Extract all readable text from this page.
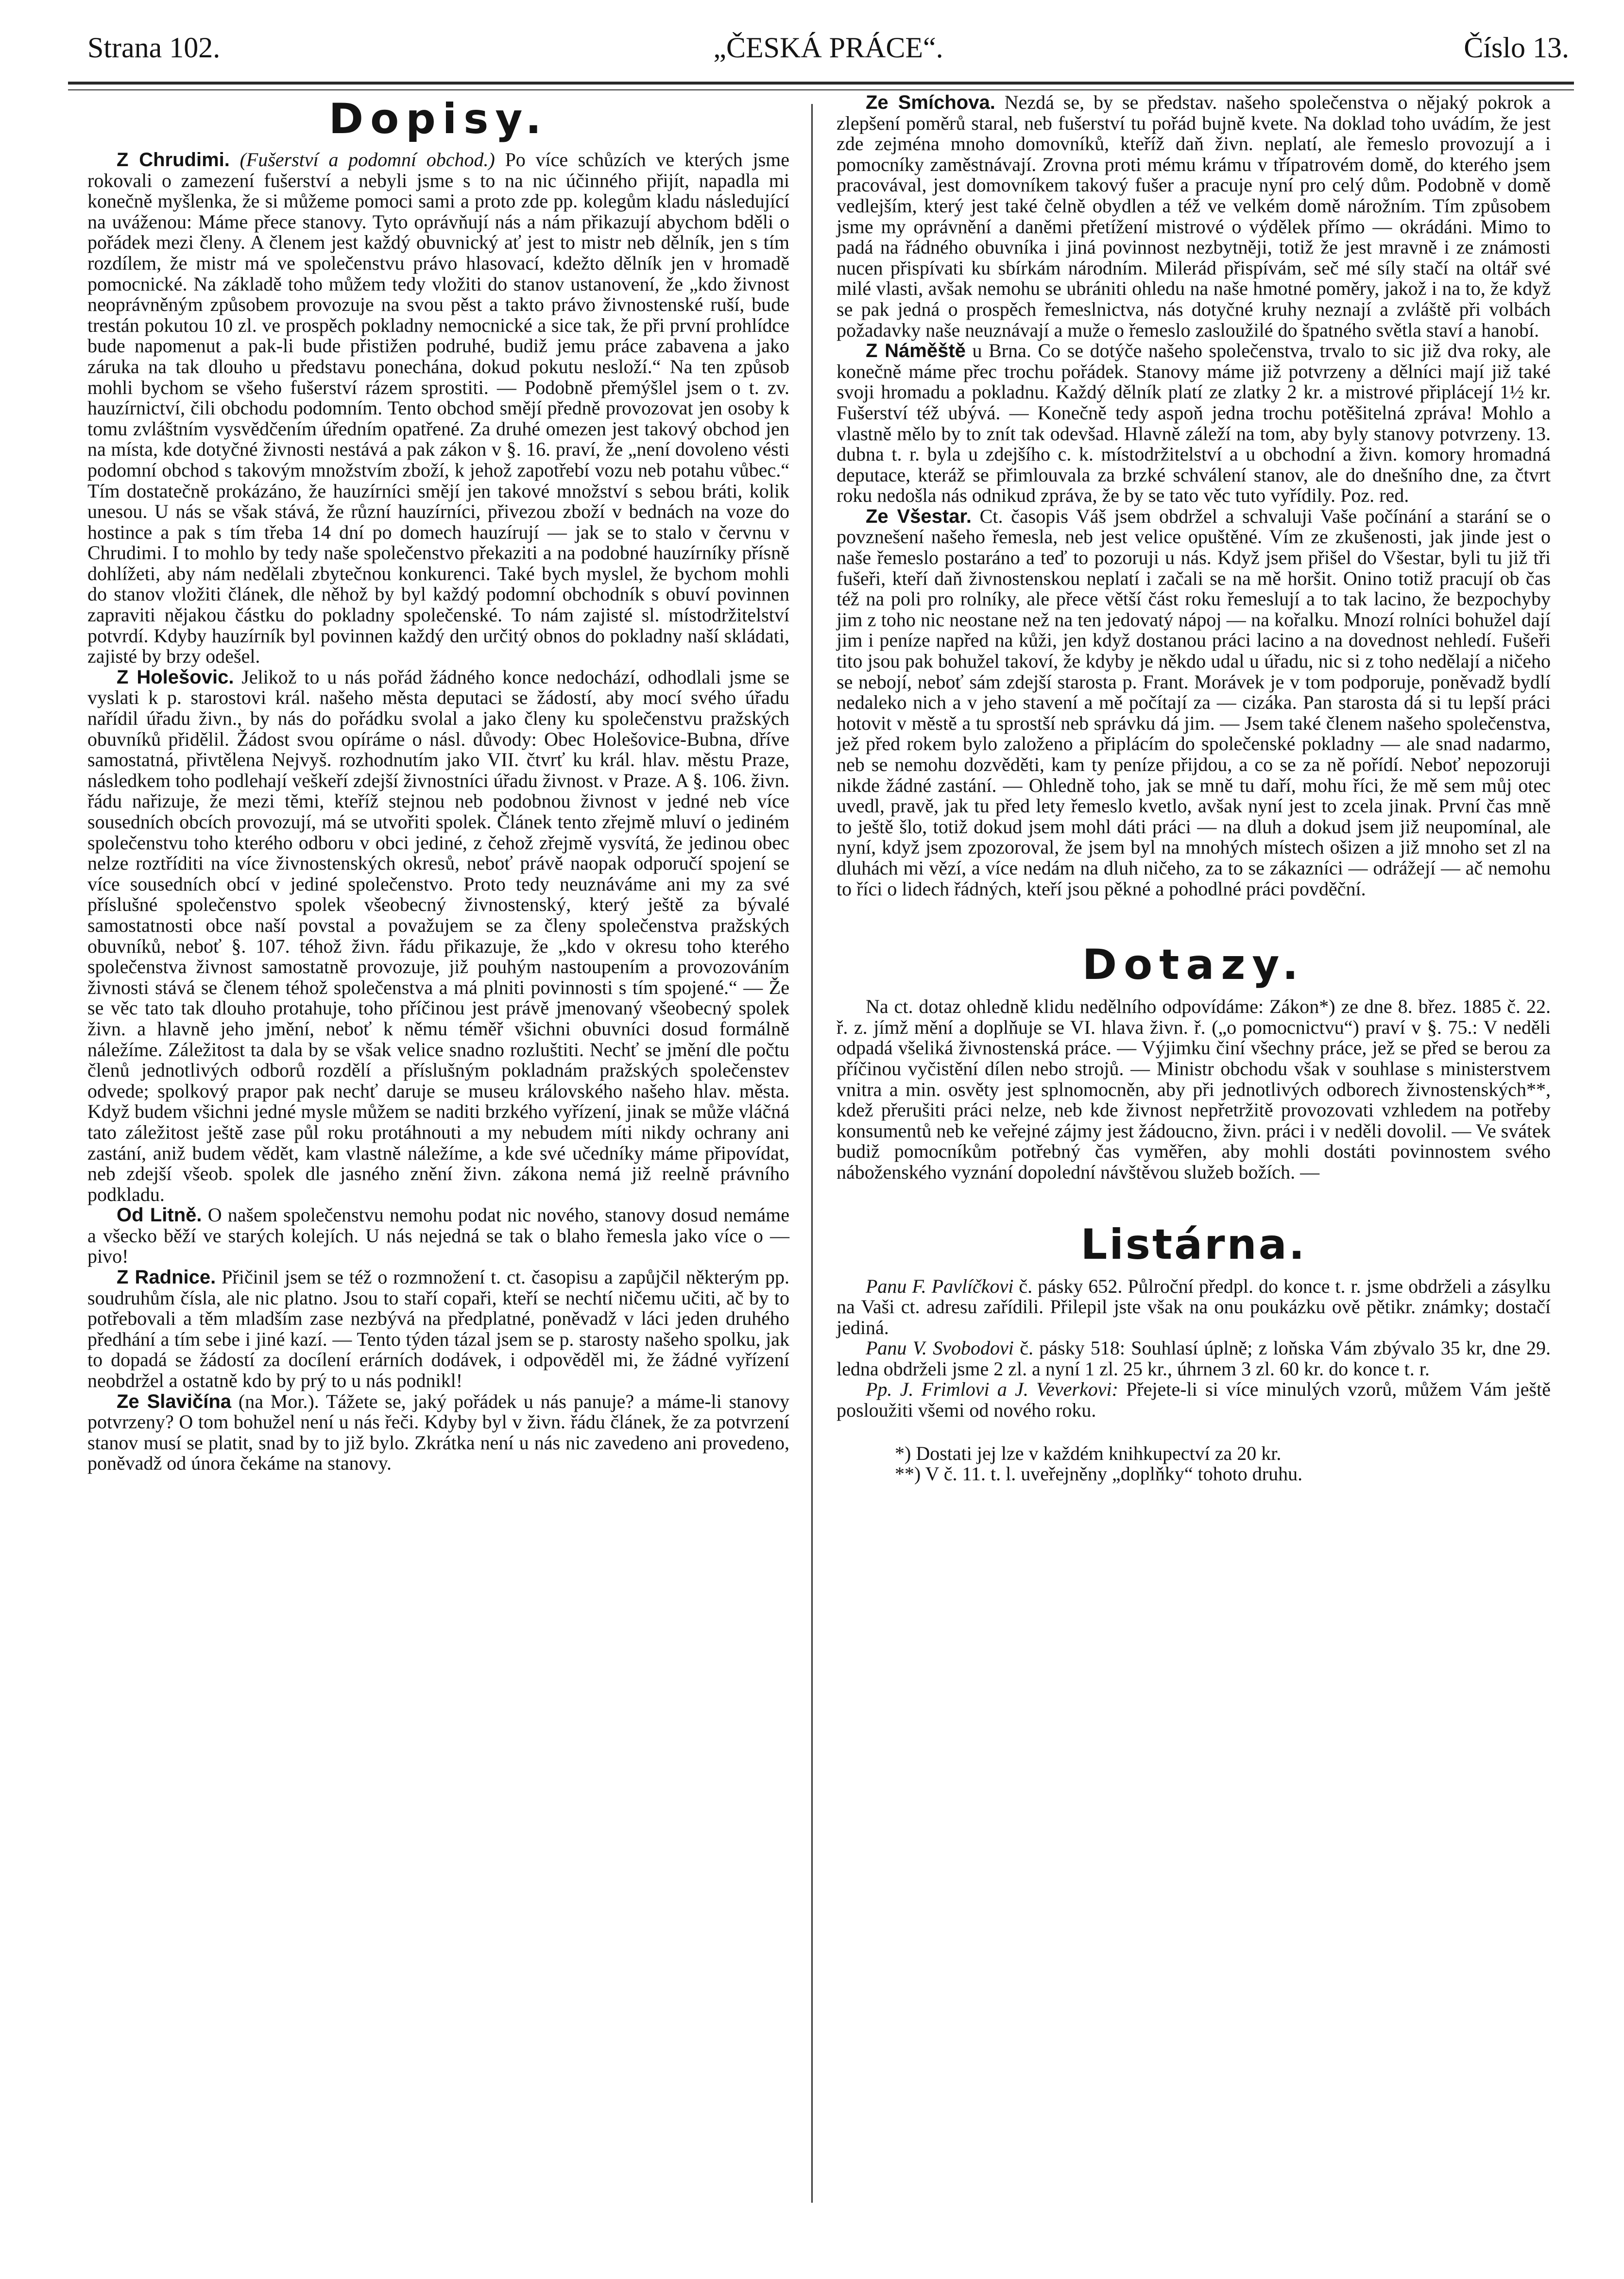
Strana 102.	„ČESKÁ PRÁCE“.	Číslo 13.
Dopisy.

Z Chrudimi. (Fušerství a podomní obchod.) Po více schůzích ve kterých jsme rokovali o zamezení fušerství a nebyli jsme s to na nic účinného přijít, napadla mi konečně myšlenka, že si můžeme pomoci sami a proto zde pp. kolegům kladu následující na uváženou: Máme přece stanovy. Tyto oprávňují nás a nám přikazují abychom bděli o pořádek mezi členy. A členem jest každý obuvnický ať jest to mistr neb dělník, jen s tím rozdílem, že mistr má ve společenstvu právo hlasovací, kdežto dělník jen v hromadě pomocnické. Na základě toho můžem tedy vložiti do stanov ustanovení, že „kdo živnost neoprávněným způsobem provozuje na svou pěst a takto právo živnostenské ruší, bude trestán pokutou 10 zl. ve prospěch pokladny nemocnické a sice tak, že při první prohlídce bude napomenut a pak-li bude přistižen podruhé, budiž jemu práce zabavena a jako záruka na tak dlouho u představu ponechána, dokud pokutu nesloží.“ Na ten způsob mohli bychom se všeho fušerství rázem sprostiti. — Podobně přemýšlel jsem o t. zv. hauzírnictví, čili obchodu podomním. Tento obchod smějí předně provozovat jen osoby k tomu zvláštním vysvědčením úředním opatřené. Za druhé omezen jest takový obchod jen na místa, kde dotyčné živnosti nestává a pak zákon v §. 16. praví, že „není dovoleno vésti podomní obchod s takovým množstvím zboží, k jehož zapotřebí vozu neb potahu vůbec.“ Tím dostatečně prokázáno, že hauzírníci smějí jen takové množství s sebou bráti, kolik unesou. U nás se však stává, že různí hauzírníci, přivezou zboží v bednách na voze do hostince a pak s tím třeba 14 dní po domech hauzírují — jak se to stalo v červnu v Chrudimi. I to mohlo by tedy naše společenstvo překaziti a na podobné hauzírníky přísně dohlížeti, aby nám nedělali zbytečnou konkurenci. Také bych myslel, že bychom mohli do stanov vložiti článek, dle něhož by byl každý podomní obchodník s obuví povinnen zapraviti nějakou částku do pokladny společenské. To nám zajisté sl. místodržitelství potvrdí. Kdyby hauzírník byl povinnen každý den určitý obnos do pokladny naší skládati, zajisté by brzy odešel.

Z Holešovic. Jelikož to u nás pořád žádného konce nedochází, odhodlali jsme se vyslati k p. starostovi král. našeho města deputaci se žádostí, aby mocí svého úřadu nařídil úřadu živn., by nás do pořádku svolal a jako členy ku společenstvu pražských obuvníků přidělil. Žádost svou opíráme o násl. důvody: Obec Holešovice-Bubna, dříve samostatná, přivtělena Nejvyš. rozhodnutím jako VII. čtvrť ku král. hlav. městu Praze, následkem toho podlehají veškeří zdejší živnostníci úřadu živnost. v Praze. A §. 106. živn. řádu nařizuje, že mezi těmi, kteříž stejnou neb podobnou živnost v jedné neb více sousedních obcích provozují, má se utvořiti spolek. Článek tento zřejmě mluví o jediném společenstvu toho kterého odboru v obci jediné, z čehož zřejmě vysvítá, že jedinou obec nelze roztříditi na více živnostenských okresů, neboť právě naopak odporučí spojení se více sousedních obcí v jediné společenstvo. Proto tedy neuznáváme ani my za své příslušné společenstvo spolek všeobecný živnostenský, který ještě za bývalé samostatnosti obce naší povstal a považujem se za členy společenstva pražských obuvníků, neboť §. 107. téhož živn. řádu přikazuje, že „kdo v okresu toho kterého společenstva živnost samostatně provozuje, již pouhým nastoupením a provozováním živnosti stává se členem téhož společenstva a má plniti povinnosti s tím spojené.“ — Že se věc tato tak dlouho protahuje, toho příčinou jest právě jmenovaný všeobecný spolek živn. a hlavně jeho jmění, neboť k němu téměř všichni obuvníci dosud formálně náležíme. Záležitost ta dala by se však velice snadno rozluštiti. Nechť se jmění dle počtu členů jednotlivých odborů rozdělí a příslušným pokladnám pražských společenstev odvede; spolkový prapor pak nechť daruje se museu královského našeho hlav. města. Když budem všichni jedné mysle můžem se naditi brzkého vyřízení, jinak se může vláčná tato záležitost ještě zase půl roku protáhnouti a my nebudem míti nikdy ochrany ani zastání, aniž budem vědět, kam vlastně náležíme, a kde své učedníky máme připovídat, neb zdejší všeob. spolek dle jasného znění živn. zákona nemá již reelně právního podkladu.

Od Litně. O našem společenstvu nemohu podat nic nového, stanovy dosud nemáme a všecko běží ve starých kolejích. U nás nejedná se tak o blaho řemesla jako více o — pivo!

Z Radnice. Přičinil jsem se též o rozmnožení t. ct. časopisu a zapůjčil některým pp. soudruhům čísla, ale nic platno. Jsou to staří copaři, kteří se nechtí ničemu učiti, ač by to potřebovali a těm mladším zase nezbývá na předplatné, poněvadž v láci jeden druhého předhání a tím sebe i jiné kazí. — Tento týden tázal jsem se p. starosty našeho spolku, jak to dopadá se žádostí za docílení erárních dodávek, i odpověděl mi, že žádné vyřízení neobdržel a ostatně kdo by prý to u nás podnikl!

Ze Slavičína (na Mor.). Tážete se, jaký pořádek u nás panuje? a máme-li stanovy potvrzeny? O tom bohužel není u nás řeči. Kdyby byl v živn. řádu článek, že za potvrzení stanov musí se platit, snad by to již bylo. Zkrátka není u nás nic zavedeno ani provedeno, poněvadž od února čekáme na stanovy.

Ze Smíchova. Nezdá se, by se představ. našeho společenstva o nějaký pokrok a zlepšení poměrů staral, neb fušerství tu pořád bujně kvete. Na doklad toho uvádím, že jest zde zejména mnoho domovníků, kteříž daň živn. neplatí, ale řemeslo provozují a i pomocníky zaměstnávají. Zrovna proti mému krámu v třípatrovém domě, do kterého jsem pracovával, jest domovníkem takový fušer a pracuje nyní pro celý dům. Podobně v domě vedlejším, který jest také čelně obydlen a též ve velkém domě nárožním. Tím způsobem jsme my oprávnění a daněmi přetížení mistrové o výdělek přímo — okrádáni. Mimo to padá na řádného obuvníka i jiná povinnost nezbytněji, totiž že jest mravně i ze známosti nucen přispívati ku sbírkám národním. Milerád přispívám, seč mé síly stačí na oltář své milé vlasti, avšak nemohu se ubrániti ohledu na naše hmotné poměry, jakož i na to, že když se pak jedná o prospěch řemeslnictva, nás dotyčné kruhy neznají a zvláště při volbách požadavky naše neuznávají a muže o řemeslo zasloužilé do špatného světla staví a hanobí.

Z Náměště u Brna. Co se dotýče našeho společenstva, trvalo to sic již dva roky, ale konečně máme přec trochu pořádek. Stanovy máme již potvrzeny a dělníci mají již také svoji hromadu a pokladnu. Každý dělník platí ze zlatky 2 kr. a mistrové připlácejí 1½ kr. Fušerství též ubývá. — Konečně tedy aspoň jedna trochu potěšitelná zpráva! Mohlo a vlastně mělo by to znít tak odevšad. Hlavně záleží na tom, aby byly stanovy potvrzeny. 13. dubna t. r. byla u zdejšího c. k. místodržitelství a u obchodní a živn. komory hromadná deputace, kteráž se přimlouvala za brzké schválení stanov, ale do dnešního dne, za čtvrt roku nedošla nás odnikud zpráva, že by se tato věc tuto vyřídily. Poz. red.

Ze Všestar. Ct. časopis Váš jsem obdržel a schvaluji Vaše počínání a starání se o povznešení našeho řemesla, neb jest velice opuštěné. Vím ze zkušenosti, jak jinde jest o naše řemeslo postaráno a teď to pozoruji u nás. Když jsem přišel do Všestar, byli tu již tři fušeři, kteří daň živnostenskou neplatí i začali se na mě horšit. Onino totiž pracují ob čas též na poli pro rolníky, ale přece větší část roku řemeslují a to tak lacino, že bezpochyby jim z toho nic neostane než na ten jedovatý nápoj — na kořalku. Mnozí rolníci bohužel dají jim i peníze napřed na kůži, jen když dostanou práci lacino a na dovednost nehledí. Fušeři tito jsou pak bohužel takoví, že kdyby je někdo udal u úřadu, nic si z toho nedělají a ničeho se nebojí, neboť sám zdejší starosta p. Frant. Morávek je v tom podporuje, poněvadž bydlí nedaleko nich a v jeho stavení a mě počítají za — cizáka. Pan starosta dá si tu lepší práci hotovit v městě a tu sprostší neb správku dá jim. — Jsem také členem našeho společenstva, jež před rokem bylo založeno a připlácím do společenské pokladny — ale snad nadarmo, neb se nemohu dozvěděti, kam ty peníze přijdou, a co se za ně pořídí. Neboť nepozoruji nikde žádné zastání. — Ohledně toho, jak se mně tu daří, mohu říci, že mě sem můj otec uvedl, pravě, jak tu před lety řemeslo kvetlo, avšak nyní jest to zcela jinak. První čas mně to ještě šlo, totiž dokud jsem mohl dáti práci — na dluh a dokud jsem již neupomínal, ale nyní, když jsem zpozoroval, že jsem byl na mnohých místech ošizen a již mnoho set zl na dluhách mi vězí, a více nedám na dluh ničeho, za to se zákazníci — odrážejí — ač nemohu to říci o lidech řádných, kteří jsou pěkné a pohodlné práci povděční.

Dotazy.

Na ct. dotaz ohledně klidu nedělního odpovídáme: Zákon*) ze dne 8. břez. 1885 č. 22. ř. z. jímž mění a doplňuje se VI. hlava živn. ř. („o pomocnictvu“) praví v §. 75.: V neděli odpadá všeliká živnostenská práce. — Výjimku činí všechny práce, jež se před se berou za příčinou vyčistění dílen nebo strojů. — Ministr obchodu však v souhlase s ministerstvem vnitra a min. osvěty jest splnomocněn, aby při jednotlivých odborech živnostenských**, kdež přerušiti práci nelze, neb kde živnost nepřetržitě provozovati vzhledem na potřeby konsumentů neb ke veřejné zájmy jest žádoucno, živn. práci i v neděli dovolil. — Ve svátek budiž pomocníkům potřebný čas vyměřen, aby mohli dostáti povinnostem svého náboženského vyznání dopolední návštěvou služeb božích. —

Listárna.

Panu F. Pavlíčkovi č. pásky 652. Půlroční předpl. do konce t. r. jsme obdrželi a zásylku na Vaši ct. adresu zařídili. Přilepil jste však na onu poukázku ově pětikr. známky; dostačí jediná.

Panu V. Svobodovi č. pásky 518: Souhlasí úplně; z loňska Vám zbývalo 35 kr, dne 29. ledna obdrželi jsme 2 zl. a nyní 1 zl. 25 kr., úhrnem 3 zl. 60 kr. do konce t. r.

Pp. J. Frimlovi a J. Veverkovi: Přejete-li si více minulých vzorů, můžem Vám ještě posloužiti všemi od nového roku.

*) Dostati jej lze v každém knihkupectví za 20 kr.

**) V č. 11. t. l. uveřejněny „doplňky“ tohoto druhu.
